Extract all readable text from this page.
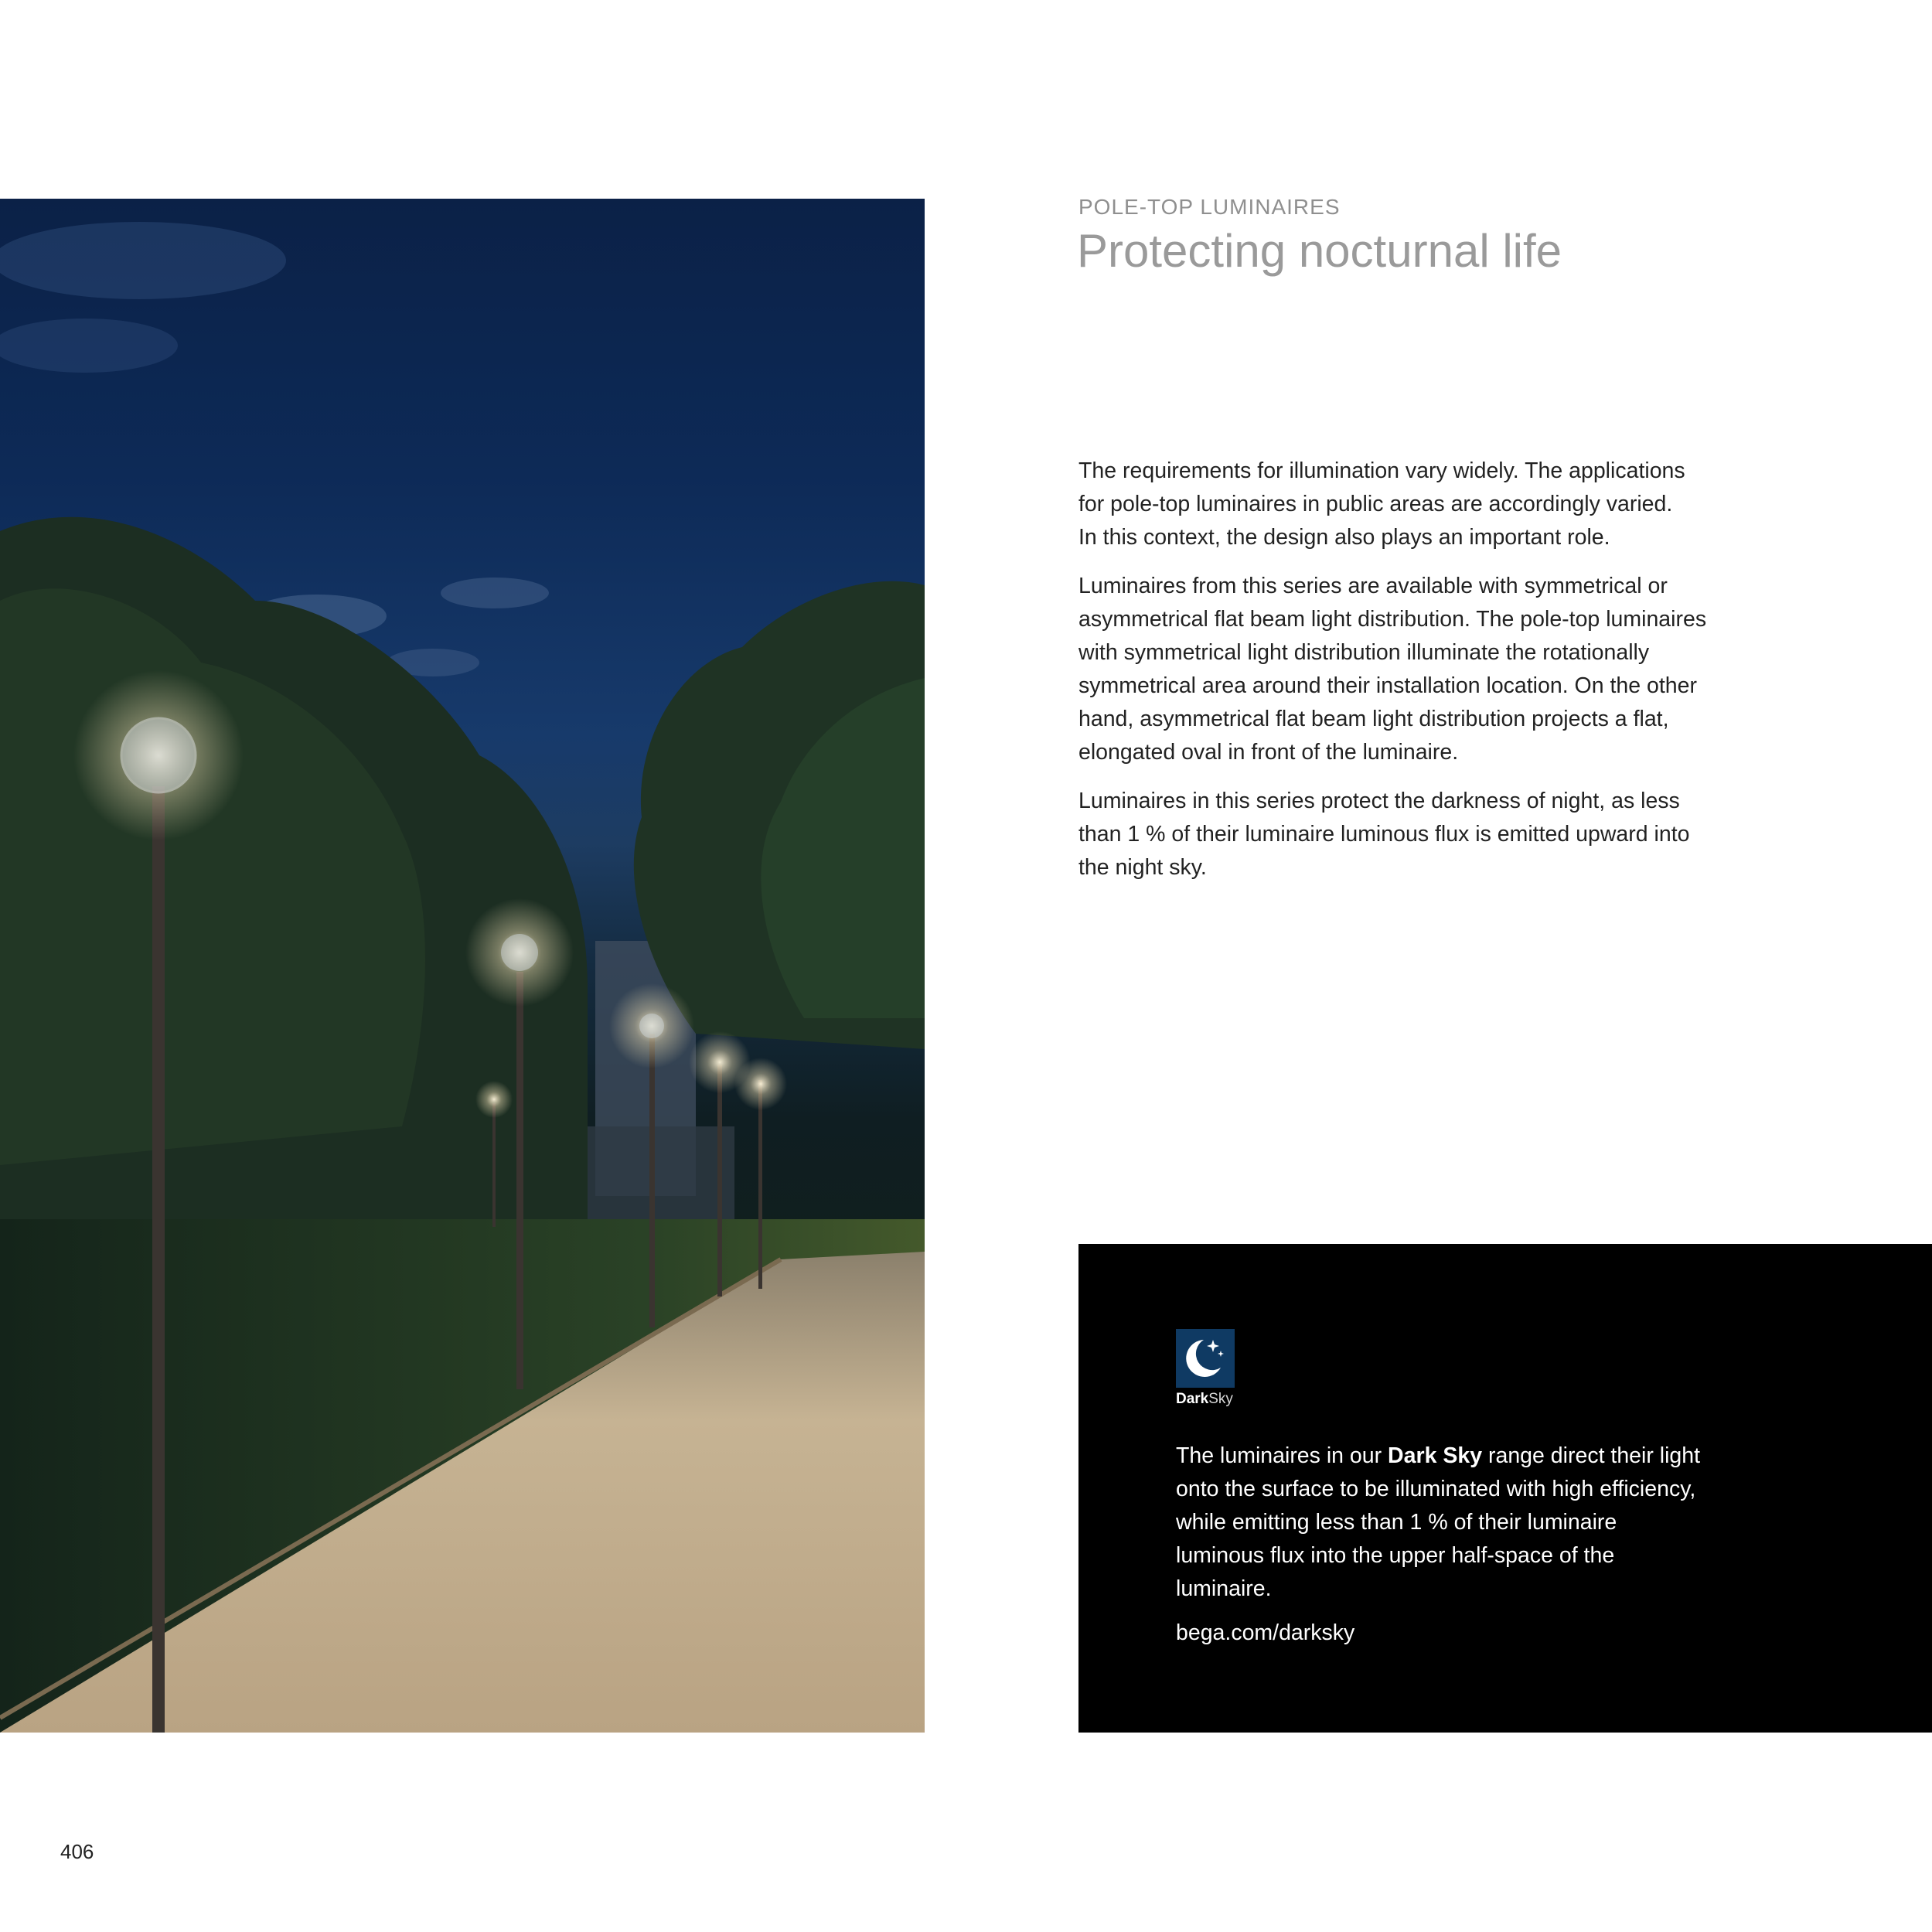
POLE-TOP LUMINAIRES
Protecting nocturnal life

The requirements for illumination vary widely. The applications
for pole-top luminaires in public areas are accordingly varied.
In this context, the design also plays an important role.

Luminaires from this series are available with symmetrical or
asymmetrical flat beam light distribution. The pole-top luminaires
with symmetrical light distribution illuminate the rotationally
symmetrical area around their installation location. On the other
hand, asymmetrical flat beam light distribution projects a flat,
elongated oval in front of the luminaire.

Luminaires in this series protect the darkness of night, as less
than 1 % of their luminaire luminous flux is emitted upward into
the night sky.

DarkSky

The luminaires in our Dark Sky range direct their light onto the surface to be illuminated with high efficiency, while emitting less than 1 % of their luminaire luminous flux into the upper half-space of the luminaire.

bega.com/darksky
406
